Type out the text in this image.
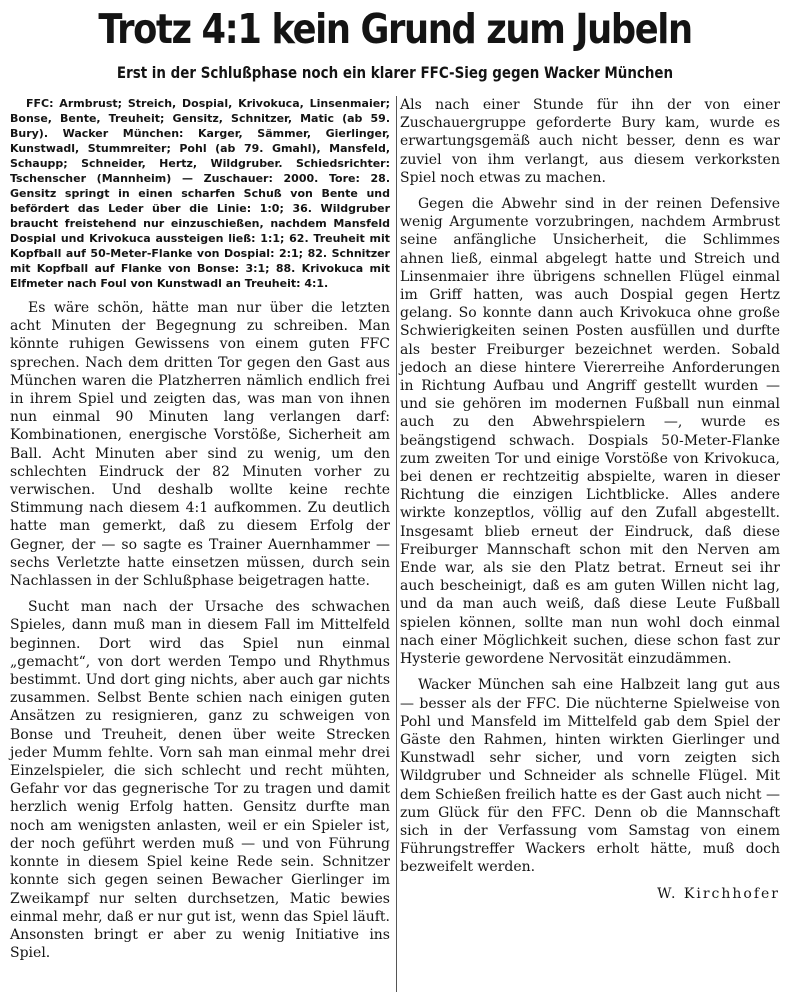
Trotz 4:1 kein Grund zum Jubeln
Erst in der Schlußphase noch ein klarer FFC-Sieg gegen Wacker München

FFC: Armbrust; Streich, Dospial, Krivokuca, Linsenmaier; Bonse, Bente, Treuheit; Gensitz, Schnitzer, Matic (ab 59. Bury). Wacker München: Karger, Sämmer, Gierlinger, Kunstwadl, Stummreiter; Pohl (ab 79. Gmahl), Mansfeld, Schaupp; Schneider, Hertz, Wildgruber. Schiedsrichter: Tschenscher (Mannheim) — Zuschauer: 2000. Tore: 28. Gensitz springt in einen scharfen Schuß von Bente und befördert das Leder über die Linie: 1:0; 36. Wildgruber braucht freistehend nur einzuschießen, nachdem Mansfeld Dospial und Krivokuca aussteigen ließ: 1:1; 62. Treuheit mit Kopfball auf 50-Meter-Flanke von Dospial: 2:1; 82. Schnitzer mit Kopfball auf Flanke von Bonse: 3:1; 88. Krivokuca mit Elfmeter nach Foul von Kunstwadl an Treuheit: 4:1.

Es wäre schön, hätte man nur über die letzten acht Minuten der Begegnung zu schreiben. Man könnte ruhigen Gewissens von einem guten FFC sprechen. Nach dem dritten Tor gegen den Gast aus München waren die Platzherren nämlich endlich frei in ihrem Spiel und zeigten das, was man von ihnen nun einmal 90 Minuten lang verlangen darf: Kombinationen, energische Vorstöße, Sicherheit am Ball. Acht Minuten aber sind zu wenig, um den schlechten Eindruck der 82 Minuten vorher zu verwischen. Und deshalb wollte keine rechte Stimmung nach diesem 4:1 aufkommen. Zu deutlich hatte man gemerkt, daß zu diesem Erfolg der Gegner, der — so sagte es Trainer Auernhammer — sechs Verletzte hatte einsetzen müssen, durch sein Nachlassen in der Schlußphase beigetragen hatte.

Sucht man nach der Ursache des schwachen Spieles, dann muß man in diesem Fall im Mittelfeld beginnen. Dort wird das Spiel nun einmal „gemacht“, von dort werden Tempo und Rhythmus bestimmt. Und dort ging nichts, aber auch gar nichts zusammen. Selbst Bente schien nach einigen guten Ansätzen zu resignieren, ganz zu schweigen von Bonse und Treuheit, denen über weite Strecken jeder Mumm fehlte. Vorn sah man einmal mehr drei Einzelspieler, die sich schlecht und recht mühten, Gefahr vor das gegnerische Tor zu tragen und damit herzlich wenig Erfolg hatten. Gensitz durfte man noch am wenigsten anlasten, weil er ein Spieler ist, der noch geführt werden muß — und von Führung konnte in diesem Spiel keine Rede sein. Schnitzer konnte sich gegen seinen Bewacher Gierlinger im Zweikampf nur selten durchsetzen, Matic bewies einmal mehr, daß er nur gut ist, wenn das Spiel läuft. Ansonsten bringt er aber zu wenig Initiative ins Spiel.

Als nach einer Stunde für ihn der von einer Zuschauergruppe geforderte Bury kam, wurde es erwartungsgemäß auch nicht besser, denn es war zuviel von ihm verlangt, aus diesem verkorksten Spiel noch etwas zu machen.

Gegen die Abwehr sind in der reinen Defensive wenig Argumente vorzubringen, nachdem Armbrust seine anfängliche Unsicherheit, die Schlimmes ahnen ließ, einmal abgelegt hatte und Streich und Linsenmaier ihre übrigens schnellen Flügel einmal im Griff hatten, was auch Dospial gegen Hertz gelang. So konnte dann auch Krivokuca ohne große Schwierigkeiten seinen Posten ausfüllen und durfte als bester Freiburger bezeichnet werden. Sobald jedoch an diese hintere Viererreihe Anforderungen in Richtung Aufbau und Angriff gestellt wurden — und sie gehören im modernen Fußball nun einmal auch zu den Abwehrspielern —, wurde es beängstigend schwach. Dospials 50-Meter-Flanke zum zweiten Tor und einige Vorstöße von Krivokuca, bei denen er rechtzeitig abspielte, waren in dieser Richtung die einzigen Lichtblicke. Alles andere wirkte konzeptlos, völlig auf den Zufall abgestellt. Insgesamt blieb erneut der Eindruck, daß diese Freiburger Mannschaft schon mit den Nerven am Ende war, als sie den Platz betrat. Erneut sei ihr auch bescheinigt, daß es am guten Willen nicht lag, und da man auch weiß, daß diese Leute Fußball spielen können, sollte man nun wohl doch einmal nach einer Möglichkeit suchen, diese schon fast zur Hysterie gewordene Nervosität einzudämmen.

Wacker München sah eine Halbzeit lang gut aus — besser als der FFC. Die nüchterne Spielweise von Pohl und Mansfeld im Mittelfeld gab dem Spiel der Gäste den Rahmen, hinten wirkten Gierlinger und Kunstwadl sehr sicher, und vorn zeigten sich Wildgruber und Schneider als schnelle Flügel. Mit dem Schießen freilich hatte es der Gast auch nicht — zum Glück für den FFC. Denn ob die Mannschaft sich in der Verfassung vom Samstag von einem Führungstreffer Wackers erholt hätte, muß doch bezweifelt werden.

W. Kirchhofer
